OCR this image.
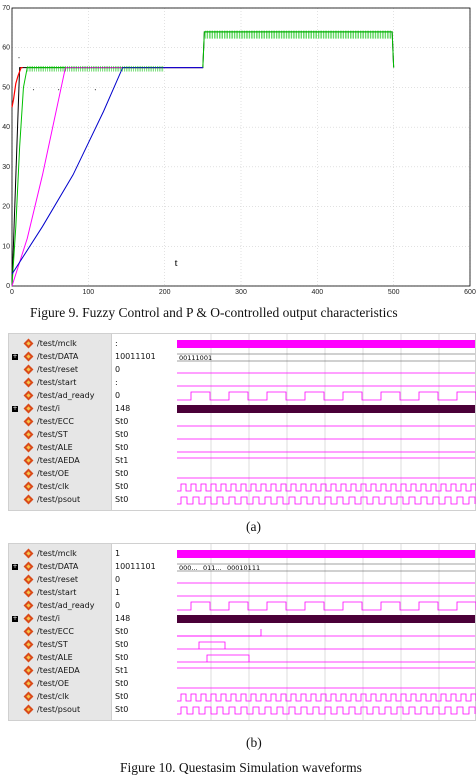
0	100	200	300	400	500	600
0
10
20
30
40
50
60
70
t
•
•	•	•
Figure 9. Fuzzy Control and P & O-controlled output characteristics
00111001
/test/mclk	:
+ /test/DATA	10011101
/test/reset	0
/test/start	:
/test/ad_ready	0
+ /test/i	148
/test/ECC	St0
/test/ST	St0
/test/ALE	St0
/test/AEDA	St1
/test/OE	St0
/test/clk	St0
/test/psout	St0
(a)
000... 011... 00010111
/test/mclk	1
+ /test/DATA	10011101
/test/reset	0
/test/start	1
/test/ad_ready	0
+ /test/i	148
/test/ECC	St0
/test/ST	St0
/test/ALE	St0
/test/AEDA	St1
/test/OE	St0
/test/clk	St0
/test/psout	St0
(b)
Figure 10. Questasim Simulation waveforms
